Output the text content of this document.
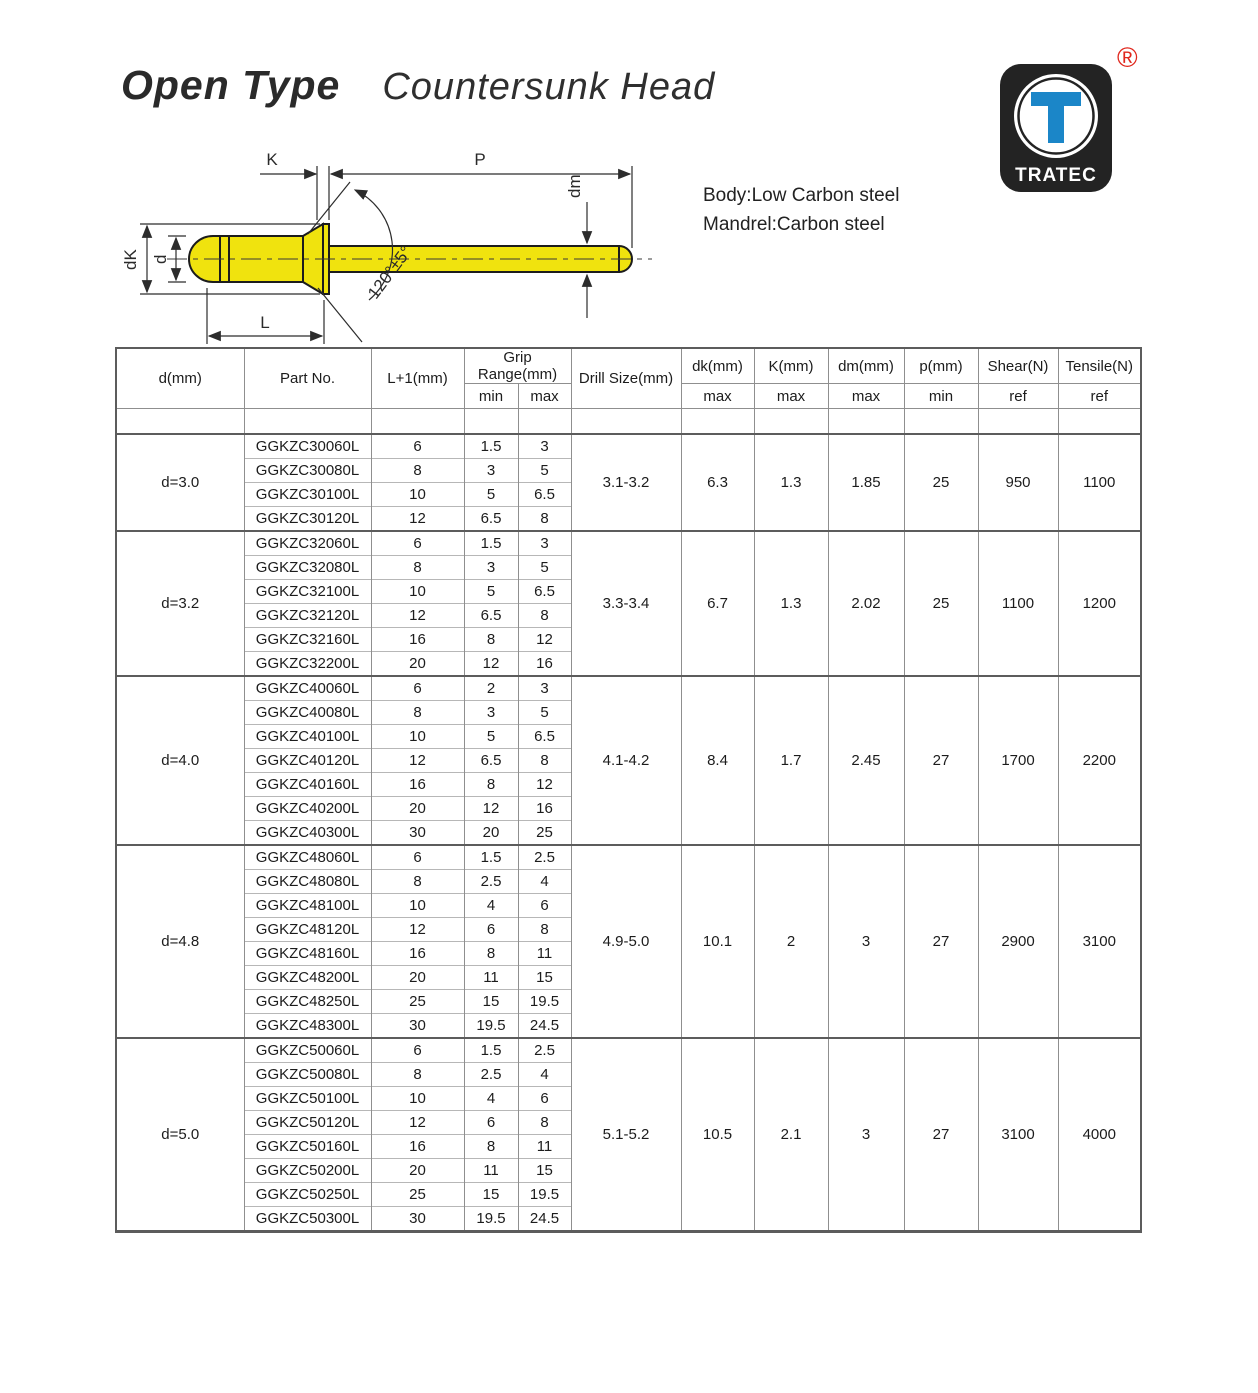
Open Type Countersunk Head
®
TRATEC
Body:Low Carbon steel
Mandrel:Carbon steel
dK d
K	P
dm
L
120°±5°
d(mm)	Part No.	L+1(mm)	Grip Range(mm)		Drill Size(mm)	dk(mm)	K(mm)	dm(mm)	p(mm)	Shear(N)	Tensile(N)
			min	max		max	max	max	min	ref	ref

d=3.0	GGKZC30060L	6	1.5	3	3.1-3.2	6.3	1.3	1.85	25	950	1100
	GGKZC30080L	8	3	5							
	GGKZC30100L	10	5	6.5							
	GGKZC30120L	12	6.5	8							
d=3.2	GGKZC32060L	6	1.5	3	3.3-3.4	6.7	1.3	2.02	25	1100	1200
	GGKZC32080L	8	3	5							
	GGKZC32100L	10	5	6.5							
	GGKZC32120L	12	6.5	8							
	GGKZC32160L	16	8	12							
	GGKZC32200L	20	12	16							
d=4.0	GGKZC40060L	6	2	3	4.1-4.2	8.4	1.7	2.45	27	1700	2200
	GGKZC40080L	8	3	5							
	GGKZC40100L	10	5	6.5							
	GGKZC40120L	12	6.5	8							
	GGKZC40160L	16	8	12							
	GGKZC40200L	20	12	16							
	GGKZC40300L	30	20	25							
d=4.8	GGKZC48060L	6	1.5	2.5	4.9-5.0	10.1	2	3	27	2900	3100
	GGKZC48080L	8	2.5	4							
	GGKZC48100L	10	4	6							
	GGKZC48120L	12	6	8							
	GGKZC48160L	16	8	11							
	GGKZC48200L	20	11	15							
	GGKZC48250L	25	15	19.5							
	GGKZC48300L	30	19.5	24.5							
d=5.0	GGKZC50060L	6	1.5	2.5	5.1-5.2	10.5	2.1	3	27	3100	4000
	GGKZC50080L	8	2.5	4							
	GGKZC50100L	10	4	6							
	GGKZC50120L	12	6	8							
	GGKZC50160L	16	8	11							
	GGKZC50200L	20	11	15							
	GGKZC50250L	25	15	19.5							
	GGKZC50300L	30	19.5	24.5							
